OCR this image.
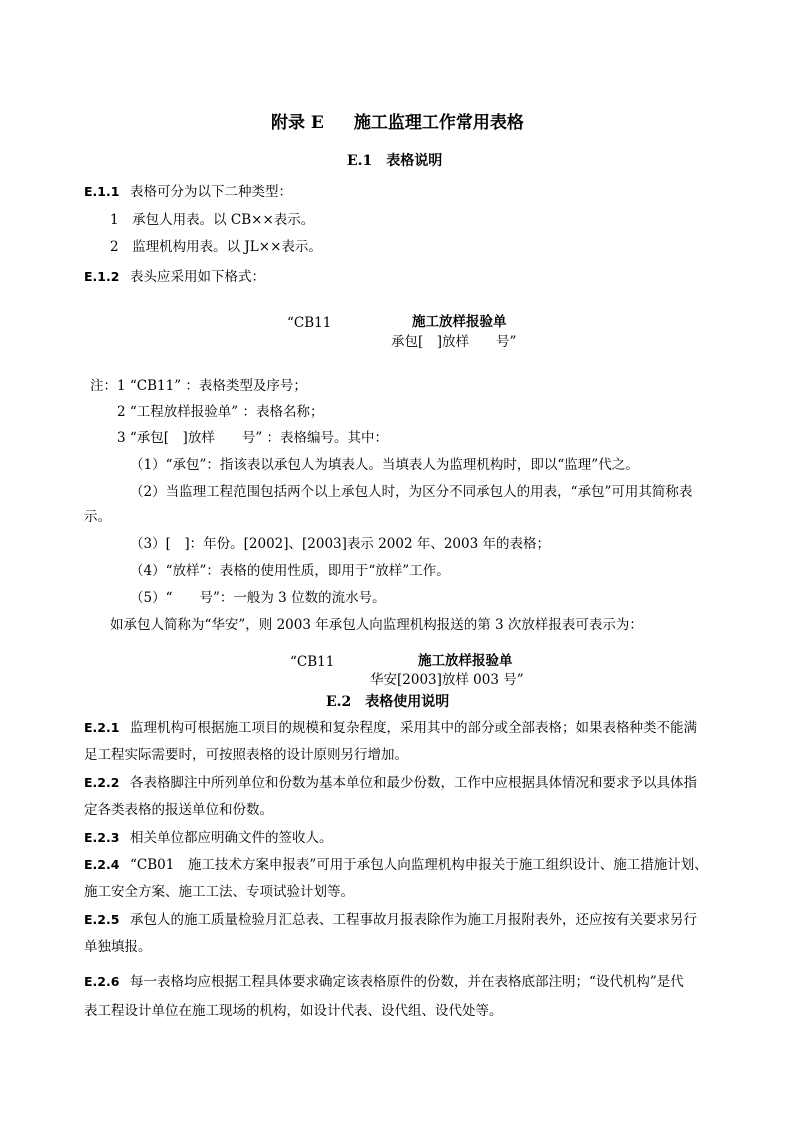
附录 E 施工监理工作常用表格
E.1　表格说明
E.1.1 表格可分为以下二种类型：
1　承包人用表。以 CB××表示。
2　监理机构用表。以 JL××表示。
E.1.2 表头应采用如下格式：
“CB11	施工放样报验单
承包[　]放样　　号”
注：1 “CB11” ：表格类型及序号；
2 “工程放样报验单” ：表格名称；
3 “承包[　]放样　　号” ：表格编号。其中：
（1）“承包”：指该表以承包人为填表人。当填表人为监理机构时，即以“监理”代之。
（2）当监理工程范围包括两个以上承包人时，为区分不同承包人的用表，“承包”可用其简称表
示。
（3）[　]：年份。[2002]、[2003]表示 2002 年、2003 年的表格；
（4）“放样”：表格的使用性质，即用于“放样”工作。
（5）“　　号”：一般为 3 位数的流水号。
如承包人简称为“华安”，则 2003 年承包人向监理机构报送的第 3 次放样报表可表示为：
“CB11	施工放样报验单
华安[2003]放样 003 号”
E.2　表格使用说明
E.2.1 监理机构可根据施工项目的规模和复杂程度，采用其中的部分或全部表格；如果表格种类不能满
足工程实际需要时，可按照表格的设计原则另行增加。
E.2.2 各表格脚注中所列单位和份数为基本单位和最少份数，工作中应根据具体情况和要求予以具体指
定各类表格的报送单位和份数。
E.2.3 相关单位都应明确文件的签收人。
E.2.4 “CB01　施工技术方案申报表”可用于承包人向监理机构申报关于施工组织设计、施工措施计划、
施工安全方案、施工工法、专项试验计划等。
E.2.5 承包人的施工质量检验月汇总表、工程事故月报表除作为施工月报附表外，还应按有关要求另行
单独填报。
E.2.6 每一表格均应根据工程具体要求确定该表格原件的份数，并在表格底部注明；“设代机构”是代
表工程设计单位在施工现场的机构，如设计代表、设代组、设代处等。
